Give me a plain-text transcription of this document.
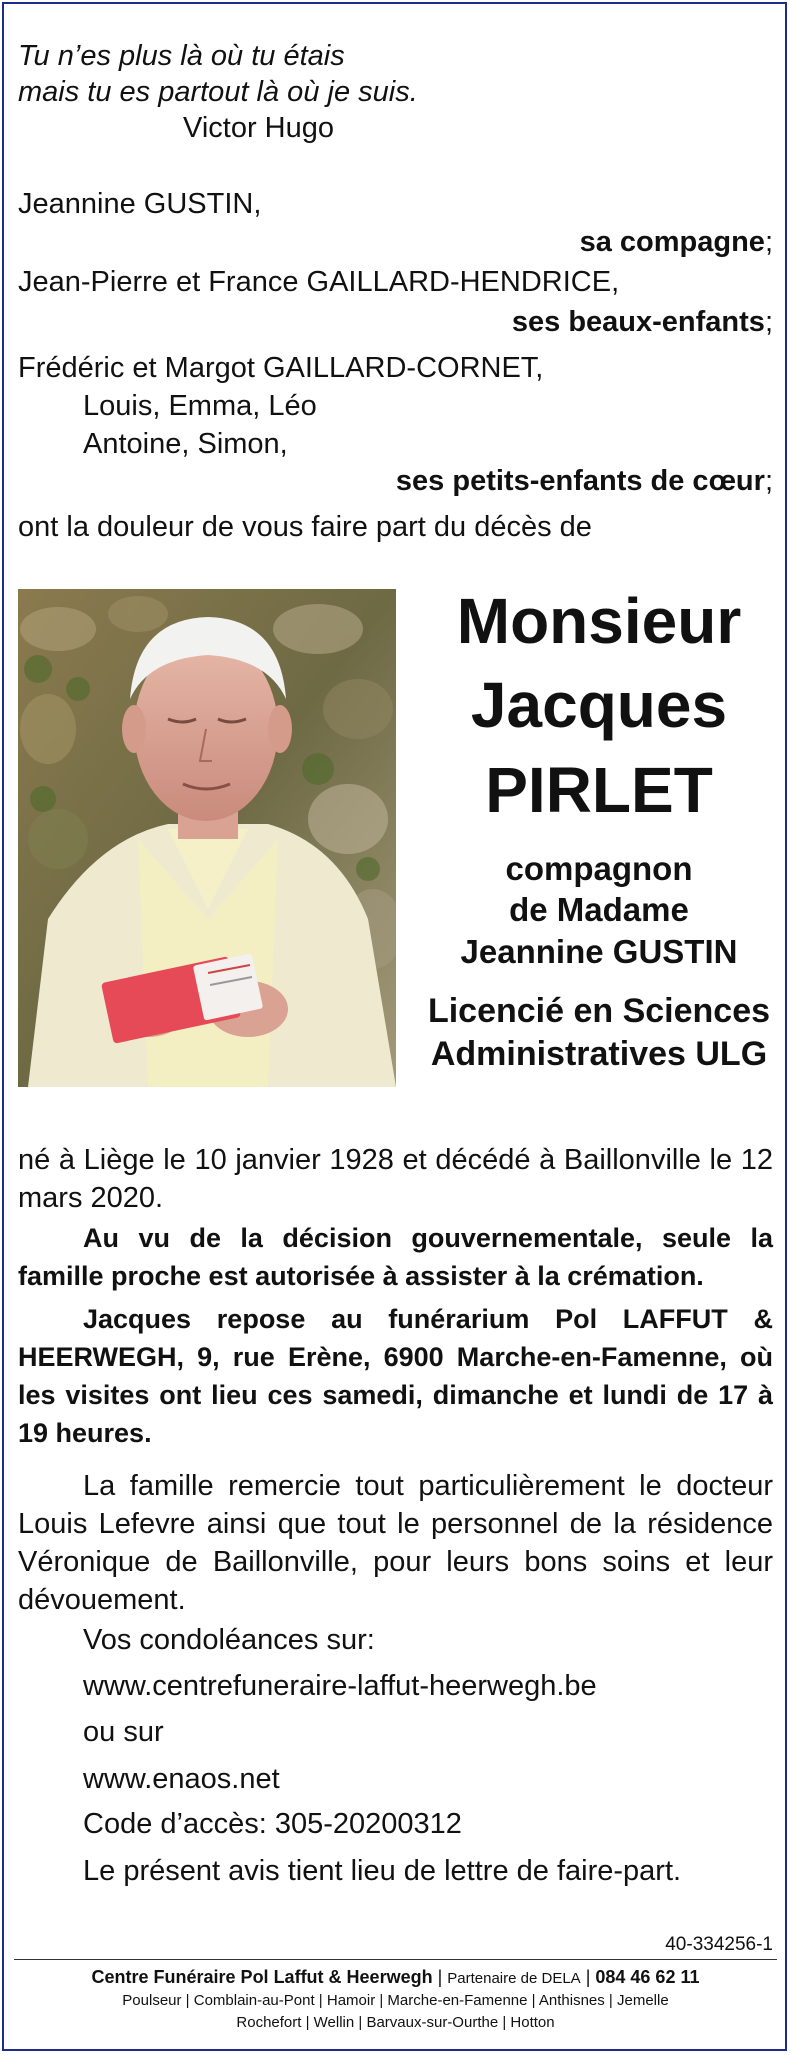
Tu n’es plus là où tu étais
mais tu es partout là où je suis.
Victor Hugo
Jeannine GUSTIN,
sa compagne;
Jean-Pierre et France GAILLARD-HENDRICE,
ses beaux-enfants;
Frédéric et Margot GAILLARD-CORNET,
Louis, Emma, Léo
Antoine, Simon,
ses petits-enfants de cœur;
ont la douleur de vous faire part du décès de
Monsieur
Jacques
PIRLET
compagnon
de Madame
Jeannine GUSTIN
Licencié en Sciences
Administratives ULG
né à Liège le 10 janvier 1928 et décédé à Baillonville le 12 mars 2020.
Au vu de la décision gouvernementale, seule la famille proche est autorisée à assister à la crémation.
Jacques repose au funérarium Pol LAFFUT & HEERWEGH, 9, rue Erène, 6900 Marche-en-Famenne, où les visites ont lieu ces samedi, dimanche et lundi de 17 à 19 heures.
La famille remercie tout particulièrement le docteur Louis Lefevre ainsi que tout le personnel de la résidence Véronique de Baillonville, pour leurs bons soins et leur dévouement.
Vos condoléances sur:
www.centrefuneraire-laffut-heerwegh.be
ou sur
www.enaos.net
Code d’accès: 305-20200312
Le présent avis tient lieu de lettre de faire-part.
40-334256-1
Centre Funéraire Pol Laffut & Heerwegh | Partenaire de DELA | 084 46 62 11
Poulseur | Comblain-au-Pont | Hamoir | Marche-en-Famenne | Anthisnes | Jemelle
Rochefort | Wellin | Barvaux-sur-Ourthe | Hotton
